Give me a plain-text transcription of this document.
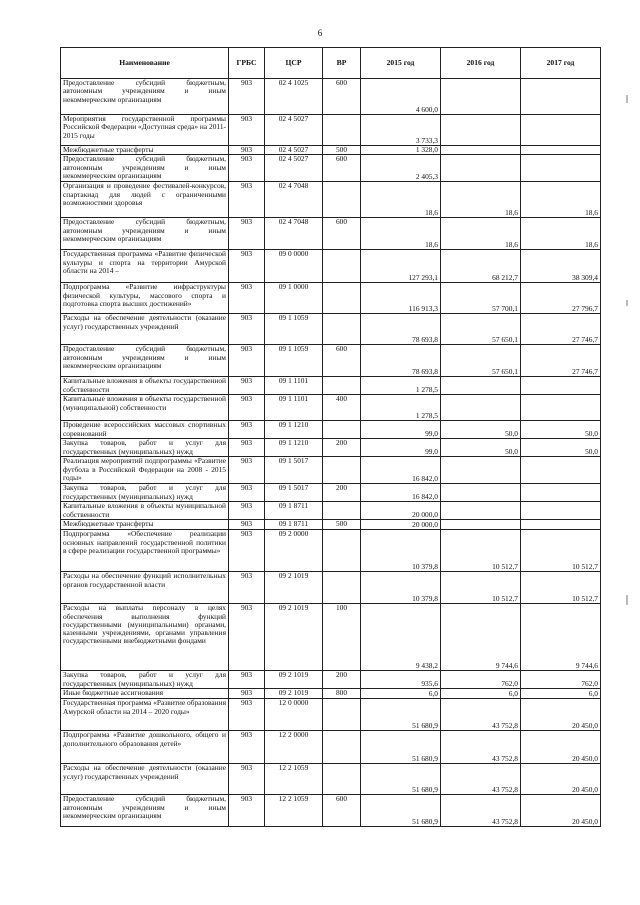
6
Наименование	ГРБС	ЦСР	ВР	2015 год	2016 год	2017 год
Предоставление субсидий бюджетным, автономным учреждениям и иным некоммерческим организациям	903	02 4 1025	600	4 600,0		
Мероприятия государственной программы Российской Федерации «Доступная среда» на 2011-2015 годы	903	02 4 5027		3 733,3		
Межбюджетные трансферты	903	02 4 5027	500	1 328,0		
Предоставление субсидий бюджетным, автономным учреждениям и иным некоммерческим организациям	903	02 4 5027	600	2 405,3		
Организация и проведение фестивалей-конкурсов, спартакиад для людей с ограниченными возможностями здоровья	903	02 4 7048		18,6	18,6	18,6
Предоставление субсидий бюджетным, автономным учреждениям и иным некоммерческим организациям	903	02 4 7048	600	18,6	18,6	18,6
Государственная программа «Развитие физической культуры и спорта на территории Амурской области на 2014 –	903	09 0 0000		127 293,1	68 212,7	38 309,4
Подпрограмма «Развитие инфраструктуры физической культуры, массового спорта и подготовка спорта высших достижений»	903	09 1 0000		116 913,3	57 700,1	27 796,7
Расходы на обеспечение деятельности (оказание услуг) государственных учреждений	903	09 1 1059		78 693,8	57 650,1	27 746,7
Предоставление субсидий бюджетным, автономным учреждениям и иным некоммерческим организациям	903	09 1 1059	600	78 693,8	57 650,1	27 746,7
Капитальные вложения в объекты государственной собственности	903	09 1 1101		1 278,5		
Капитальные вложения в объекты государственной (муниципальной) собственности	903	09 1 1101	400	1 278,5		
Проведение всероссийских массовых спортивных соревнований	903	09 1 1210		99,0	50,0	50,0
Закупка товаров, работ и услуг для государственных (муниципальных) нужд	903	09 1 1210	200	99,0	50,0	50,0
Реализация мероприятий подпрограммы «Развитие футбола в Российской Федерации на 2008 - 2015 годы»	903	09 1 5017		16 842,0		
Закупка товаров, работ и услуг для государственных (муниципальных) нужд	903	09 1 5017	200	16 842,0		
Капитальные вложения в объекты муниципальной собственности	903	09 1 8711		20 000,0		
Межбюджетные трансферты	903	09 1 8711	500	20 000,0		
Подпрограмма «Обеспечение реализации основных направлений государственной политики в сфере реализации государственной программы»	903	09 2 0000		10 379,8	10 512,7	10 512,7
Расходы на обеспечение функций исполнительных органов государственной власти	903	09 2 1019		10 379,8	10 512,7	10 512,7
Расходы на выплаты персоналу в целях обеспечения выполнения функций государственными (муниципальными) органами, казенными учреждениями, органами управления государственными внебюджетными фондами	903	09 2 1019	100	9 438,2	9 744,6	9 744,6
Закупка товаров, работ и услуг для государственных (муниципальных) нужд	903	09 2 1019	200	935,6	762,0	762,0
Иные бюджетные ассигнования	903	09 2 1019	800	6,0	6,0	6,0
Государственная программа «Развитие образования Амурской области на 2014 – 2020 годы»	903	12 0 0000		51 680,9	43 752,8	20 450,0
Подпрограмма «Развитие дошкольного, общего и дополнительного образования детей»	903	12 2 0000		51 680,9	43 752,8	20 450,0
Расходы на обеспечение деятельности (оказание услуг) государственных учреждений	903	12 2 1059		51 680,9	43 752,8	20 450,0
Предоставление субсидий бюджетным, автономным учреждениям и иным некоммерческим организациям	903	12 2 1059	600	51 680,9	43 752,8	20 450,0
